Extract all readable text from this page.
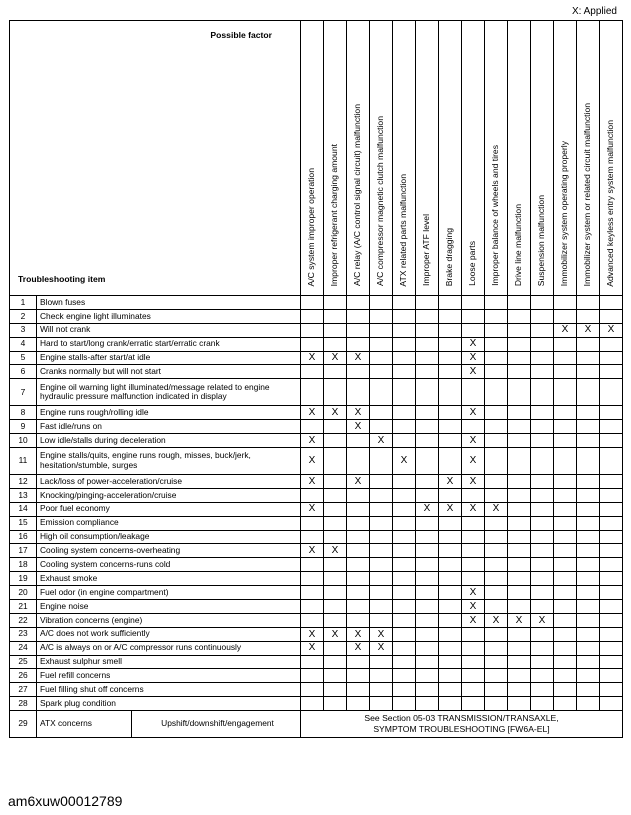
X: Applied
Possible factor
Troubleshooting item			A/C system improper operation	Improper refrigerant charging amount	A/C relay (A/C control signal circuit) malfunction	A/C compressor magnetic clutch malfunction	ATX related parts malfunction	Improper ATF level	Brake dragging	Loose parts	Improper balance of wheels and tires	Drive line malfunction	Suspension malfunction	Immobilizer system operating properly	Immobilizer system or related circuit malfunction	Advanced keyless entry system malfunction
1	Blown fuses															
2	Check engine light illuminates															
3	Will not crank													X	X	X
4	Hard to start/long crank/erratic start/erratic crank									X						
5	Engine stalls-after start/at idle		X	X	X					X						
6	Cranks normally but will not start									X						
7	Engine oil warning light illuminated/message related to engine hydraulic pressure malfunction indicated in display															
8	Engine runs rough/rolling idle		X	X	X					X						
9	Fast idle/runs on				X											
10	Low idle/stalls during deceleration		X			X				X						
11	Engine stalls/quits, engine runs rough, misses, buck/jerk, hesitation/stumble, surges		X				X			X						
12	Lack/loss of power-acceleration/cruise		X		X				X	X						
13	Knocking/pinging-acceleration/cruise															
14	Poor fuel economy		X					X	X	X	X					
15	Emission compliance															
16	High oil consumption/leakage															
17	Cooling system concerns-overheating		X	X												
18	Cooling system concerns-runs cold															
19	Exhaust smoke															
20	Fuel odor (in engine compartment)									X						
21	Engine noise									X						
22	Vibration concerns (engine)									X	X	X	X			
23	A/C does not work sufficiently		X	X	X	X										
24	A/C is always on or A/C compressor runs continuously		X		X	X										
25	Exhaust sulphur smell															
26	Fuel refill concerns															
27	Fuel filling shut off concerns															
28	Spark plug condition															
29	ATX concerns	Upshift/downshift/engagement	See Section 05-03 TRANSMISSION/TRANSAXLE,
SYMPTOM TROUBLESHOOTING [FW6A-EL]													
am6xuw00012789
